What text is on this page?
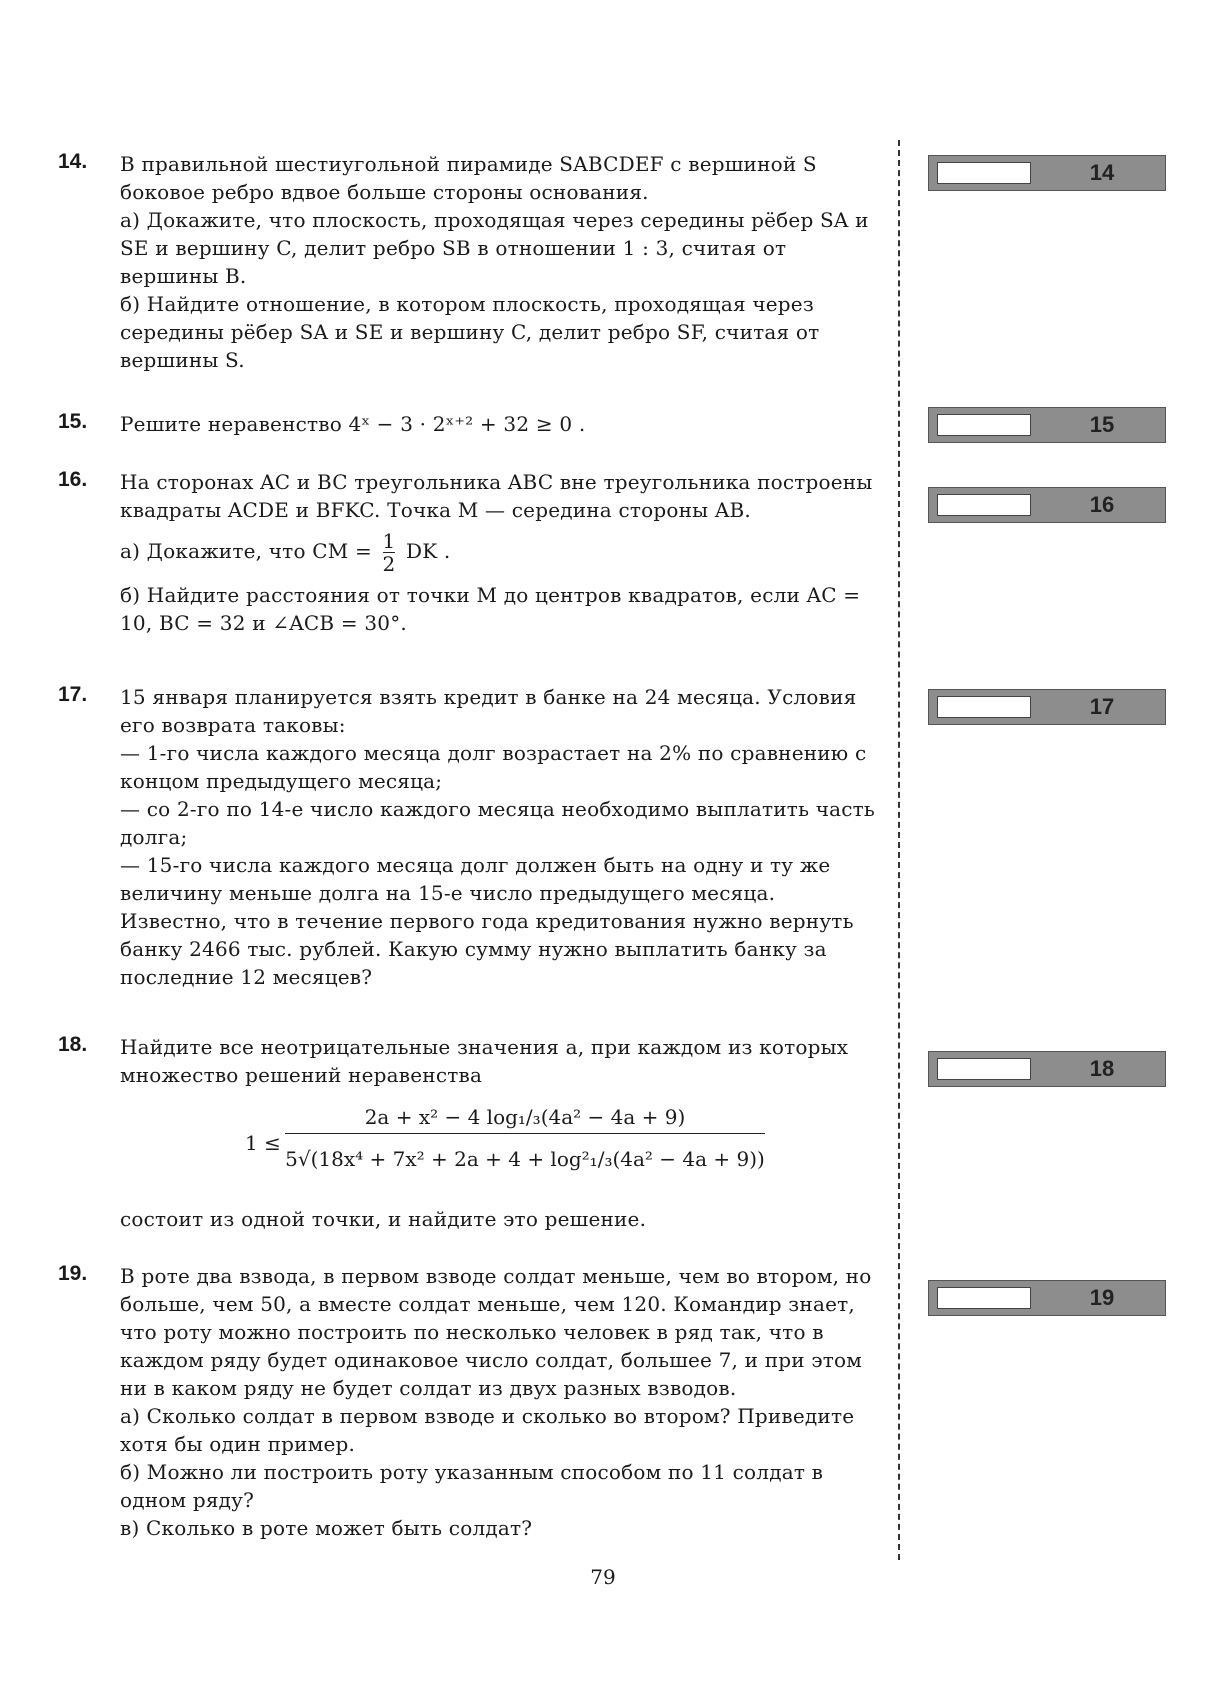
14. В правильной шестиугольной пирамиде SABCDEF с вершиной S боковое ребро вдвое больше стороны основания.

а) Докажите, что плоскость, проходящая через середины рёбер SA и SE и вершину C, делит ребро SB в отношении 1 : 3, считая от вершины B.

б) Найдите отношение, в котором плоскость, проходящая через середины рёбер SA и SE и вершину C, делит ребро SF, считая от вершины S.

15. Решите неравенство 4ˣ − 3 · 2ˣ⁺² + 32 ≥ 0 .

16. На сторонах AC и BC треугольника ABC вне треугольника построены квадраты ACDE и BFKC. Точка M — середина стороны AB.

а) Докажите, что CM = $\frac{1}{2}$ DK .

б) Найдите расстояния от точки M до центров квадратов, если AC = 10, BC = 32 и ∠ACB = 30°.

17. 15 января планируется взять кредит в банке на 24 месяца. Условия его возврата таковы:

— 1-го числа каждого месяца долг возрастает на 2% по сравнению с концом предыдущего месяца;

— со 2-го по 14-е число каждого месяца необходимо выплатить часть долга;

— 15-го числа каждого месяца долг должен быть на одну и ту же величину меньше долга на 15-е число предыдущего месяца.

Известно, что в течение первого года кредитования нужно вернуть банку 2466 тыс. рублей. Какую сумму нужно выплатить банку за последние 12 месяцев?

18. Найдите все неотрицательные значения a, при каждом из которых множество решений неравенства

1 ≤
2a + x² − 4 log₁/₃(4a² − 4a + 9)
5√(18x⁴ + 7x² + 2a + 4 + log²₁/₃(4a² − 4a + 9))

состоит из одной точки, и найдите это решение.

19. В роте два взвода, в первом взводе солдат меньше, чем во втором, но больше, чем 50, а вместе солдат меньше, чем 120. Командир знает, что роту можно построить по несколько человек в ряд так, что в каждом ряду будет одинаковое число солдат, большее 7, и при этом ни в каком ряду не будет солдат из двух разных взводов.

а) Сколько солдат в первом взводе и сколько во втором? Приведите хотя бы один пример.

б) Можно ли построить роту указанным способом по 11 солдат в одном ряду?

в) Сколько в роте может быть солдат?

14
15
16
17
18
19
79
